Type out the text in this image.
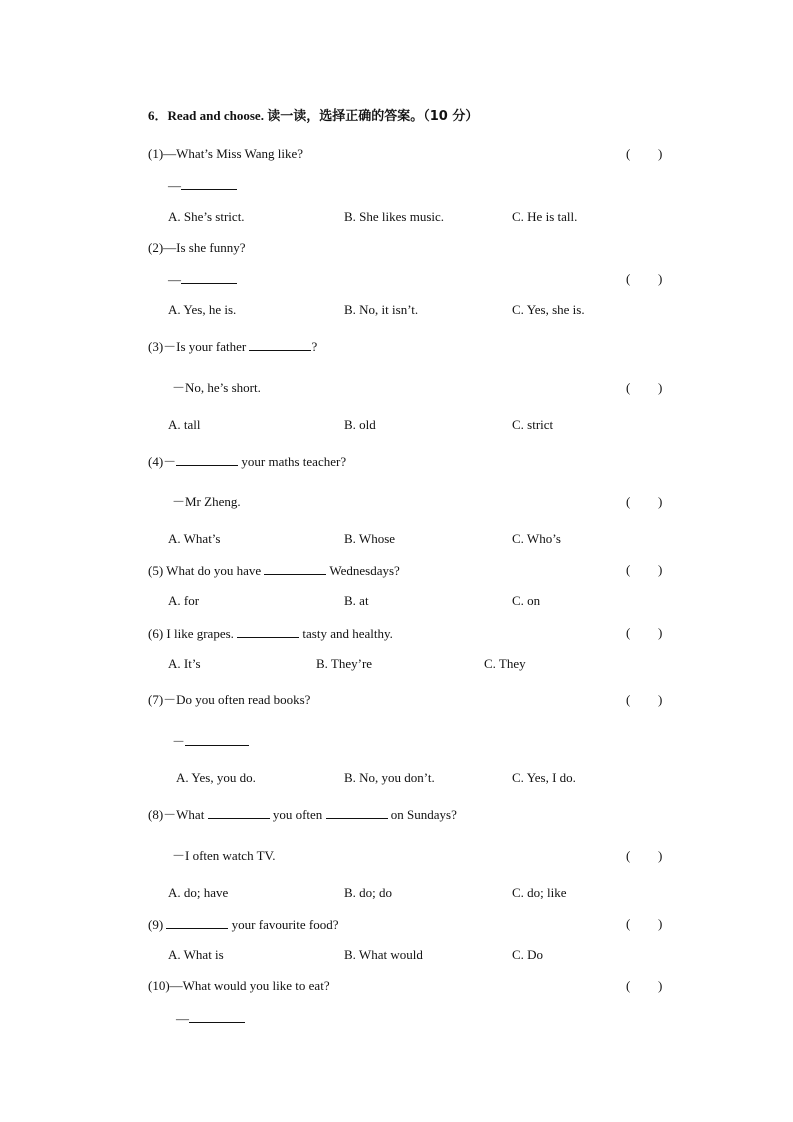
6．Read and choose. 读一读，选择正确的答案。（10 分）
(1)—What’s Miss Wang like?	( )
—
A. She’s strict.	B. She likes music.	C. He is tall.
(2)—Is she funny?
—	( )
A. Yes, he is.	B. No, it isn’t.	C. Yes, she is.
(3)－Is your father	?
－No, he’s short.	( )
A. tall	B. old	C. strict
(4)－	your maths teacher?
－Mr Zheng.	( )
A. What’s	B. Whose	C. Who’s
(5) What do you have	Wednesdays?	( )
A. for	B. at	C. on
(6) I like grapes.	tasty and healthy.	( )
A. It’s	B. They’re	C. They
(7)－Do you often read books?	( )
－
A. Yes, you do.	B. No, you don’t.	C. Yes, I do.
(8)－What	you often	on Sundays?
－I often watch TV.	( )
A. do; have	B. do; do	C. do; like
(9)	your favourite food?	( )
A. What is	B. What would	C. Do
(10)—What would you like to eat?	( )
—
